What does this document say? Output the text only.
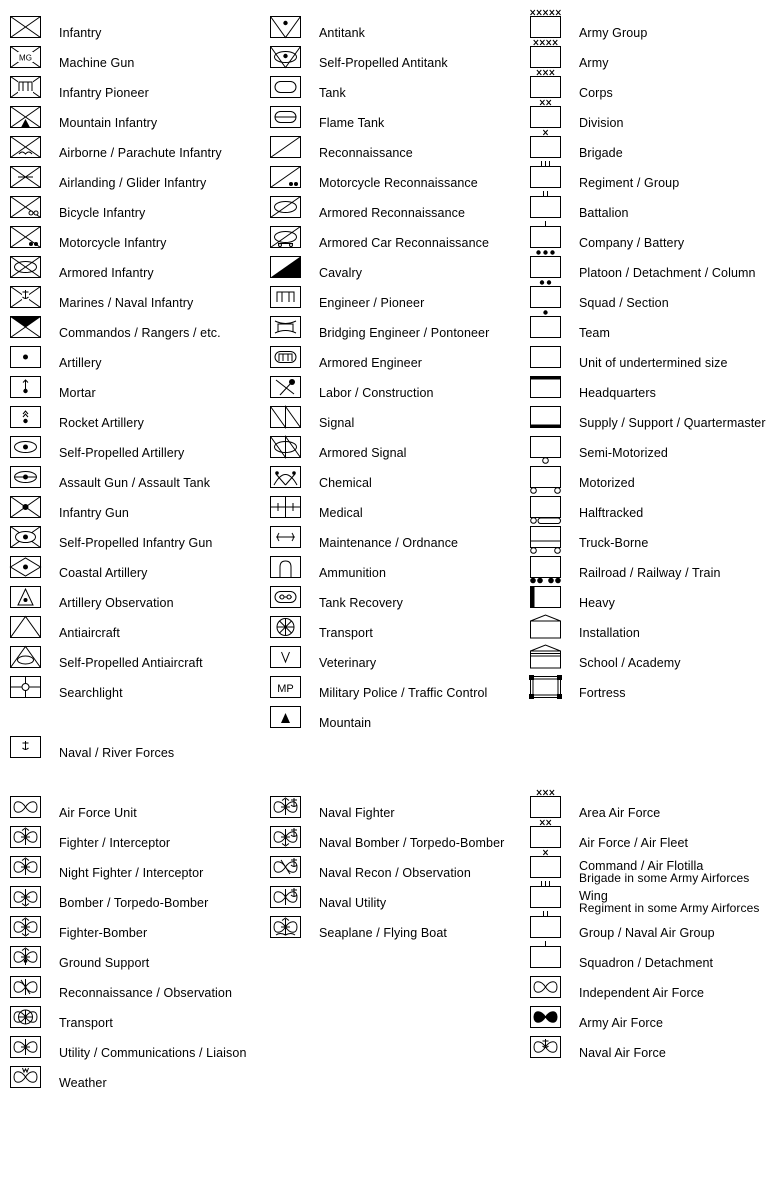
Infantry
MG Machine Gun
Infantry Pioneer
Mountain Infantry
Airborne / Parachute Infantry
Airlanding / Glider Infantry
Bicycle Infantry
Motorcycle Infantry
Armored Infantry
Marines / Naval Infantry
Commandos / Rangers / etc.
Artillery
Mortar
Rocket Artillery
Self-Propelled Artillery
Assault Gun / Assault Tank
Infantry Gun
Self-Propelled Infantry Gun
Coastal Artillery
Artillery Observation
Antiaircraft
Self-Propelled Antiaircraft
Searchlight
Naval / River Forces
Air Force Unit
Fighter / Interceptor
Night Fighter / Interceptor
Bomber / Torpedo-Bomber
Fighter-Bomber
Ground Support
Reconnaissance / Observation
Transport
Utility / Communications / Liaison
Weather
Antitank
Self-Propelled Antitank
Tank
Flame Tank
Reconnaissance
Motorcycle Reconnaissance
Armored Reconnaissance
Armored Car Reconnaissance
Cavalry
Engineer / Pioneer
Bridging Engineer / Pontoneer
Armored Engineer
Labor / Construction
Signal
Armored Signal
Chemical
Medical
Maintenance / Ordnance
Ammunition
Tank Recovery
Transport
Veterinary
MP Military Police / Traffic Control
Mountain
Naval Fighter
Naval Bomber / Torpedo-Bomber
Naval Recon / Observation
Naval Utility
Seaplane / Flying Boat
Army Group
Army
Corps
Division
Brigade
Regiment / Group
Battalion
Company / Battery
Platoon / Detachment / Column
Squad / Section
Team
Unit of undertermined size
Headquarters
Supply / Support / Quartermaster
Semi-Motorized
Motorized
Halftracked
Truck-Borne
Railroad / Railway / Train
Heavy
Installation
School / Academy
Fortress
Area Air Force
Air Force / Air Fleet
Command / Air Flotilla
Brigade in some Army Airforces
Wing
Regiment in some Army Airforces
Group / Naval Air Group
Squadron / Detachment
Independent Air Force
Army Air Force
Naval Air Force
